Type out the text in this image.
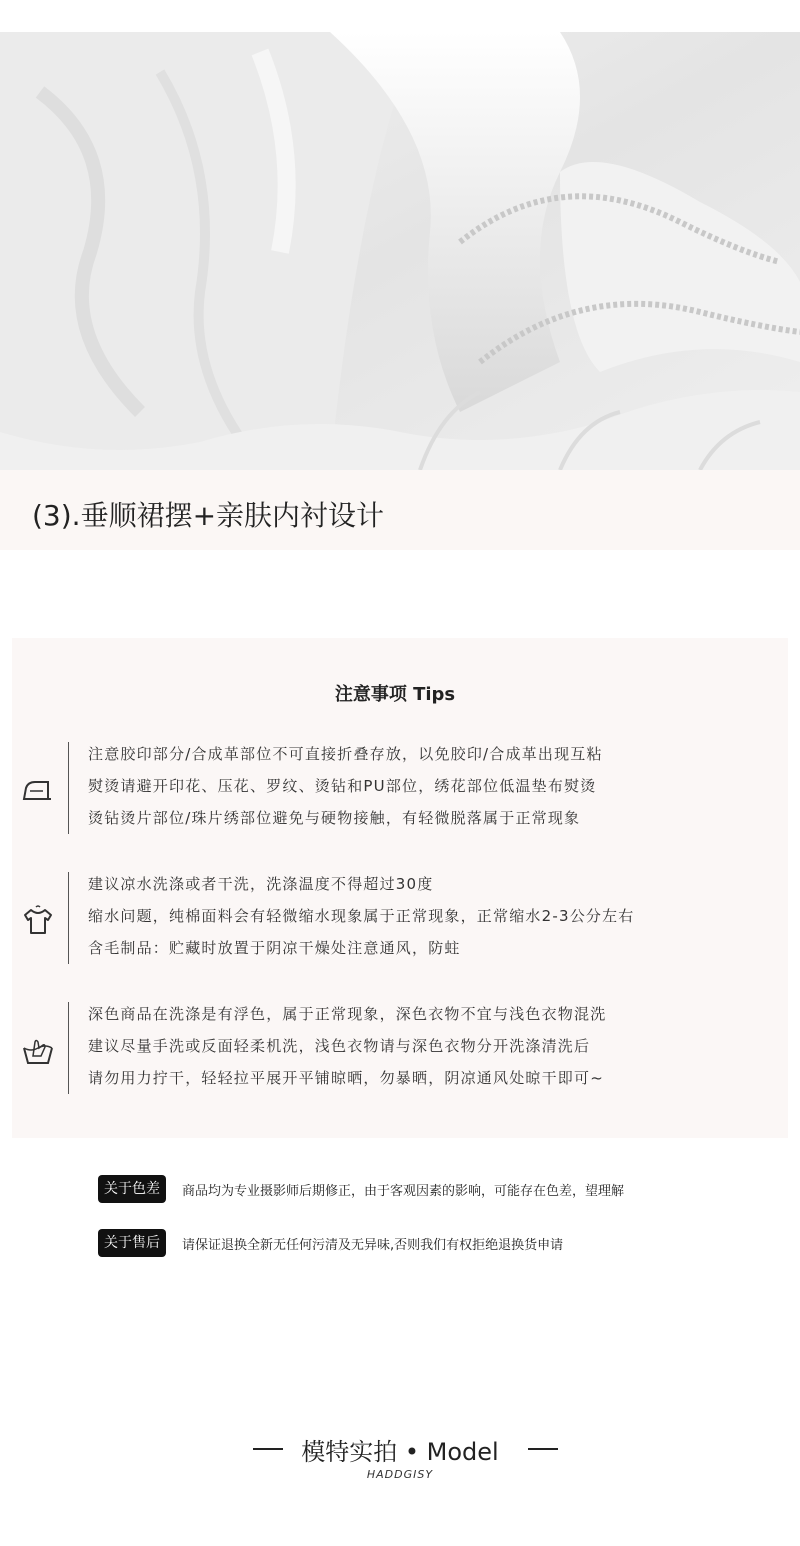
(3).垂顺裙摆+亲肤内衬设计
注意事项 Tips
注意胶印部分/合成革部位不可直接折叠存放，以免胶印/合成革出现互粘
熨烫请避开印花、压花、罗纹、烫钻和PU部位，绣花部位低温垫布熨烫
烫钻烫片部位/珠片绣部位避免与硬物接触，有轻微脱落属于正常现象
建议凉水洗涤或者干洗，洗涤温度不得超过30度
缩水问题，纯棉面料会有轻微缩水现象属于正常现象，正常缩水2-3公分左右
含毛制品：贮藏时放置于阴凉干燥处注意通风，防蛀
深色商品在洗涤是有浮色，属于正常现象，深色衣物不宜与浅色衣物混洗
建议尽量手洗或反面轻柔机洗，浅色衣物请与深色衣物分开洗涤清洗后
请勿用力拧干，轻轻拉平展开平铺晾晒，勿暴晒，阴凉通风处晾干即可~
关于色差	商品均为专业摄影师后期修正，由于客观因素的影响，可能存在色差，望理解
关于售后	请保证退换全新无任何污清及无异味,否则我们有权拒绝退换货申请
模特实拍 • Model
HADDGISY
